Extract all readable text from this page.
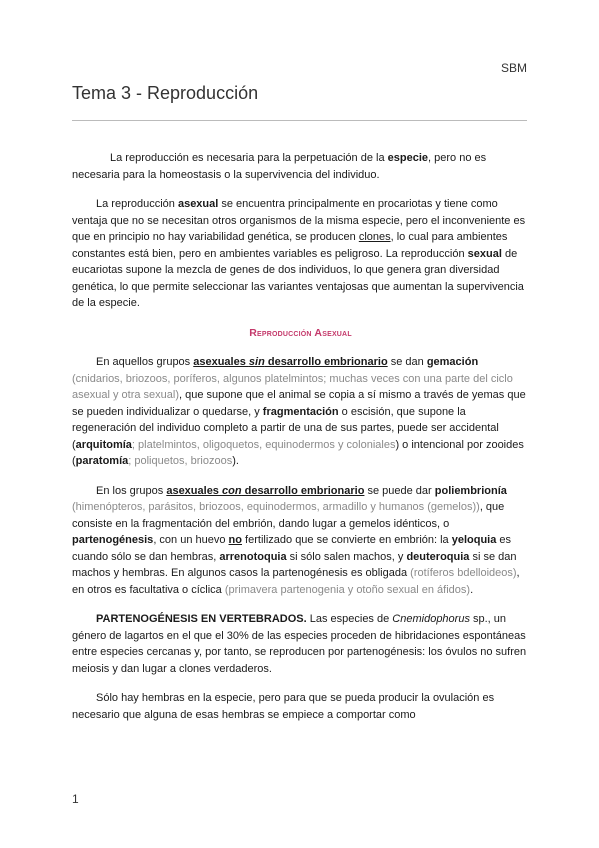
SBM
Tema 3 - Reproducción

La reproducción es necesaria para la perpetuación de la especie, pero no es necesaria para la homeostasis o la supervivencia del individuo.

La reproducción asexual se encuentra principalmente en procariotas y tiene como ventaja que no se necesitan otros organismos de la misma especie, pero el inconveniente es que en principio no hay variabilidad genética, se producen clones, lo cual para ambientes constantes está bien, pero en ambientes variables es peligroso. La reproducción sexual de eucariotas supone la mezcla de genes de dos individuos, lo que genera gran diversidad genética, lo que permite seleccionar las variantes ventajosas que aumentan la supervivencia de la especie.

Reproducción Asexual

En aquellos grupos asexuales sin desarrollo embrionario se dan gemación (cnidarios, briozoos, poríferos, algunos platelmintos; muchas veces con una parte del ciclo asexual y otra sexual), que supone que el animal se copia a sí mismo a través de yemas que se pueden individualizar o quedarse, y fragmentación o escisión, que supone la regeneración del individuo completo a partir de una de sus partes, puede ser accidental (arquitomía; platelmintos, oligoquetos, equinodermos y coloniales) o intencional por zooides (paratomía; poliquetos, briozoos).

En los grupos asexuales con desarrollo embrionario se puede dar poliembrionía (himenópteros, parásitos, briozoos, equinodermos, armadillo y humanos (gemelos)), que consiste en la fragmentación del embrión, dando lugar a gemelos idénticos, o partenogénesis, con un huevo no fertilizado que se convierte en embrión: la yeloquia es cuando sólo se dan hembras, arrenotoquia si sólo salen machos, y deuteroquia si se dan machos y hembras. En algunos casos la partenogénesis es obligada (rotíferos bdelloideos), en otros es facultativa o cíclica (primavera partenogenia y otoño sexual en áfidos).

PARTENOGÉNESIS EN VERTEBRADOS. Las especies de Cnemidophorus sp., un género de lagartos en el que el 30% de las especies proceden de hibridaciones espontáneas entre especies cercanas y, por tanto, se reproducen por partenogénesis: los óvulos no sufren meiosis y dan lugar a clones verdaderos.

Sólo hay hembras en la especie, pero para que se pueda producir la ovulación es necesario que alguna de esas hembras se empiece a comportar como

1
